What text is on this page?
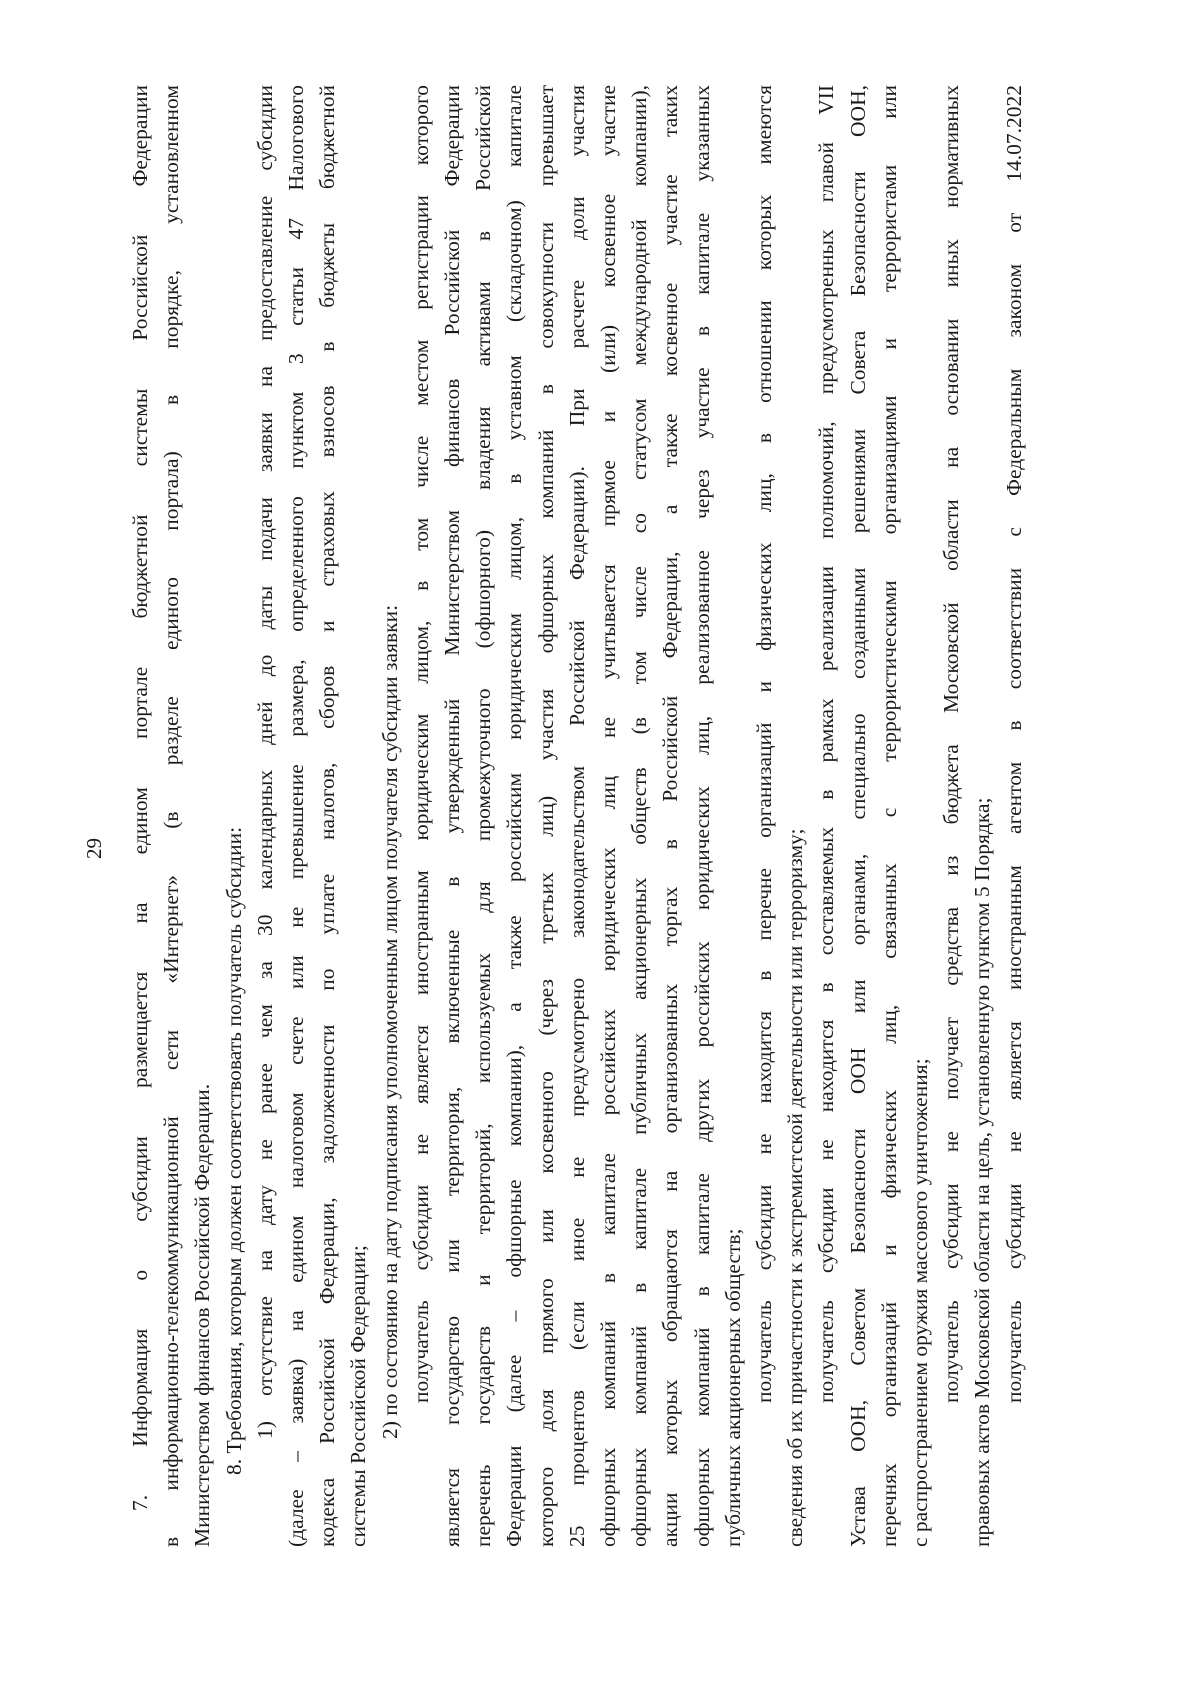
29 7. Информация о субсидии размещается на едином портале бюджетной системы Российской Федерации в информационно-телекоммуникационной сети «Интернет» (в разделе единого портала) в порядке, установленном Министерством финансов Российской Федерации. 8. Требования, которым должен соответствовать получатель субсидии: 1) отсутствие на дату не ранее чем за 30 календарных дней до даты подачи заявки на предоставление субсидии (далее – заявка) на едином налоговом счете или не превышение размера, определенного пунктом 3 статьи 47 Налогового кодекса Российской Федерации, задолженности по уплате налогов, сборов и страховых взносов в бюджеты бюджетной системы Российской Федерации; 2) по состоянию на дату подписания уполномоченным лицом получателя субсидии заявки: получатель субсидии не является иностранным юридическим лицом, в том числе местом регистрации которого является государство или территория, включенные в утвержденный Министерством финансов Российской Федерации перечень государств и территорий, используемых для промежуточного (офшорного) владения активами в Российской Федерации (далее – офшорные компании), а также российским юридическим лицом, в уставном (складочном) капитале которого доля прямого или косвенного (через третьих лиц) участия офшорных компаний в совокупности превышает 25 процентов (если иное не предусмотрено законодательством Российской Федерации). При расчете доли участия офшорных компаний в капитале российских юридических лиц не учитывается прямое и (или) косвенное участие офшорных компаний в капитале публичных акционерных обществ (в том числе со статусом международной компании), акции которых обращаются на организованных торгах в Российской Федерации, а также косвенное участие таких офшорных компаний в капитале других российских юридических лиц, реализованное через участие в капитале указанных публичных акционерных обществ; получатель субсидии не находится в перечне организаций и физических лиц, в отношении которых имеются сведения об их причастности к экстремистской деятельности или терроризму; получатель субсидии не находится в составляемых в рамках реализации полномочий, предусмотренных главой VII Устава ООН, Советом Безопасности ООН или органами, специально созданными решениями Совета Безопасности ООН, перечнях организаций и физических лиц, связанных с террористическими организациями и террористами или с распространением оружия массового уничтожения; получатель субсидии не получает средства из бюджета Московской области на основании иных нормативных правовых актов Московской области на цель, установленную пунктом 5 Порядка; получатель субсидии не является иностранным агентом в соответствии с Федеральным законом от 14.07.2022
